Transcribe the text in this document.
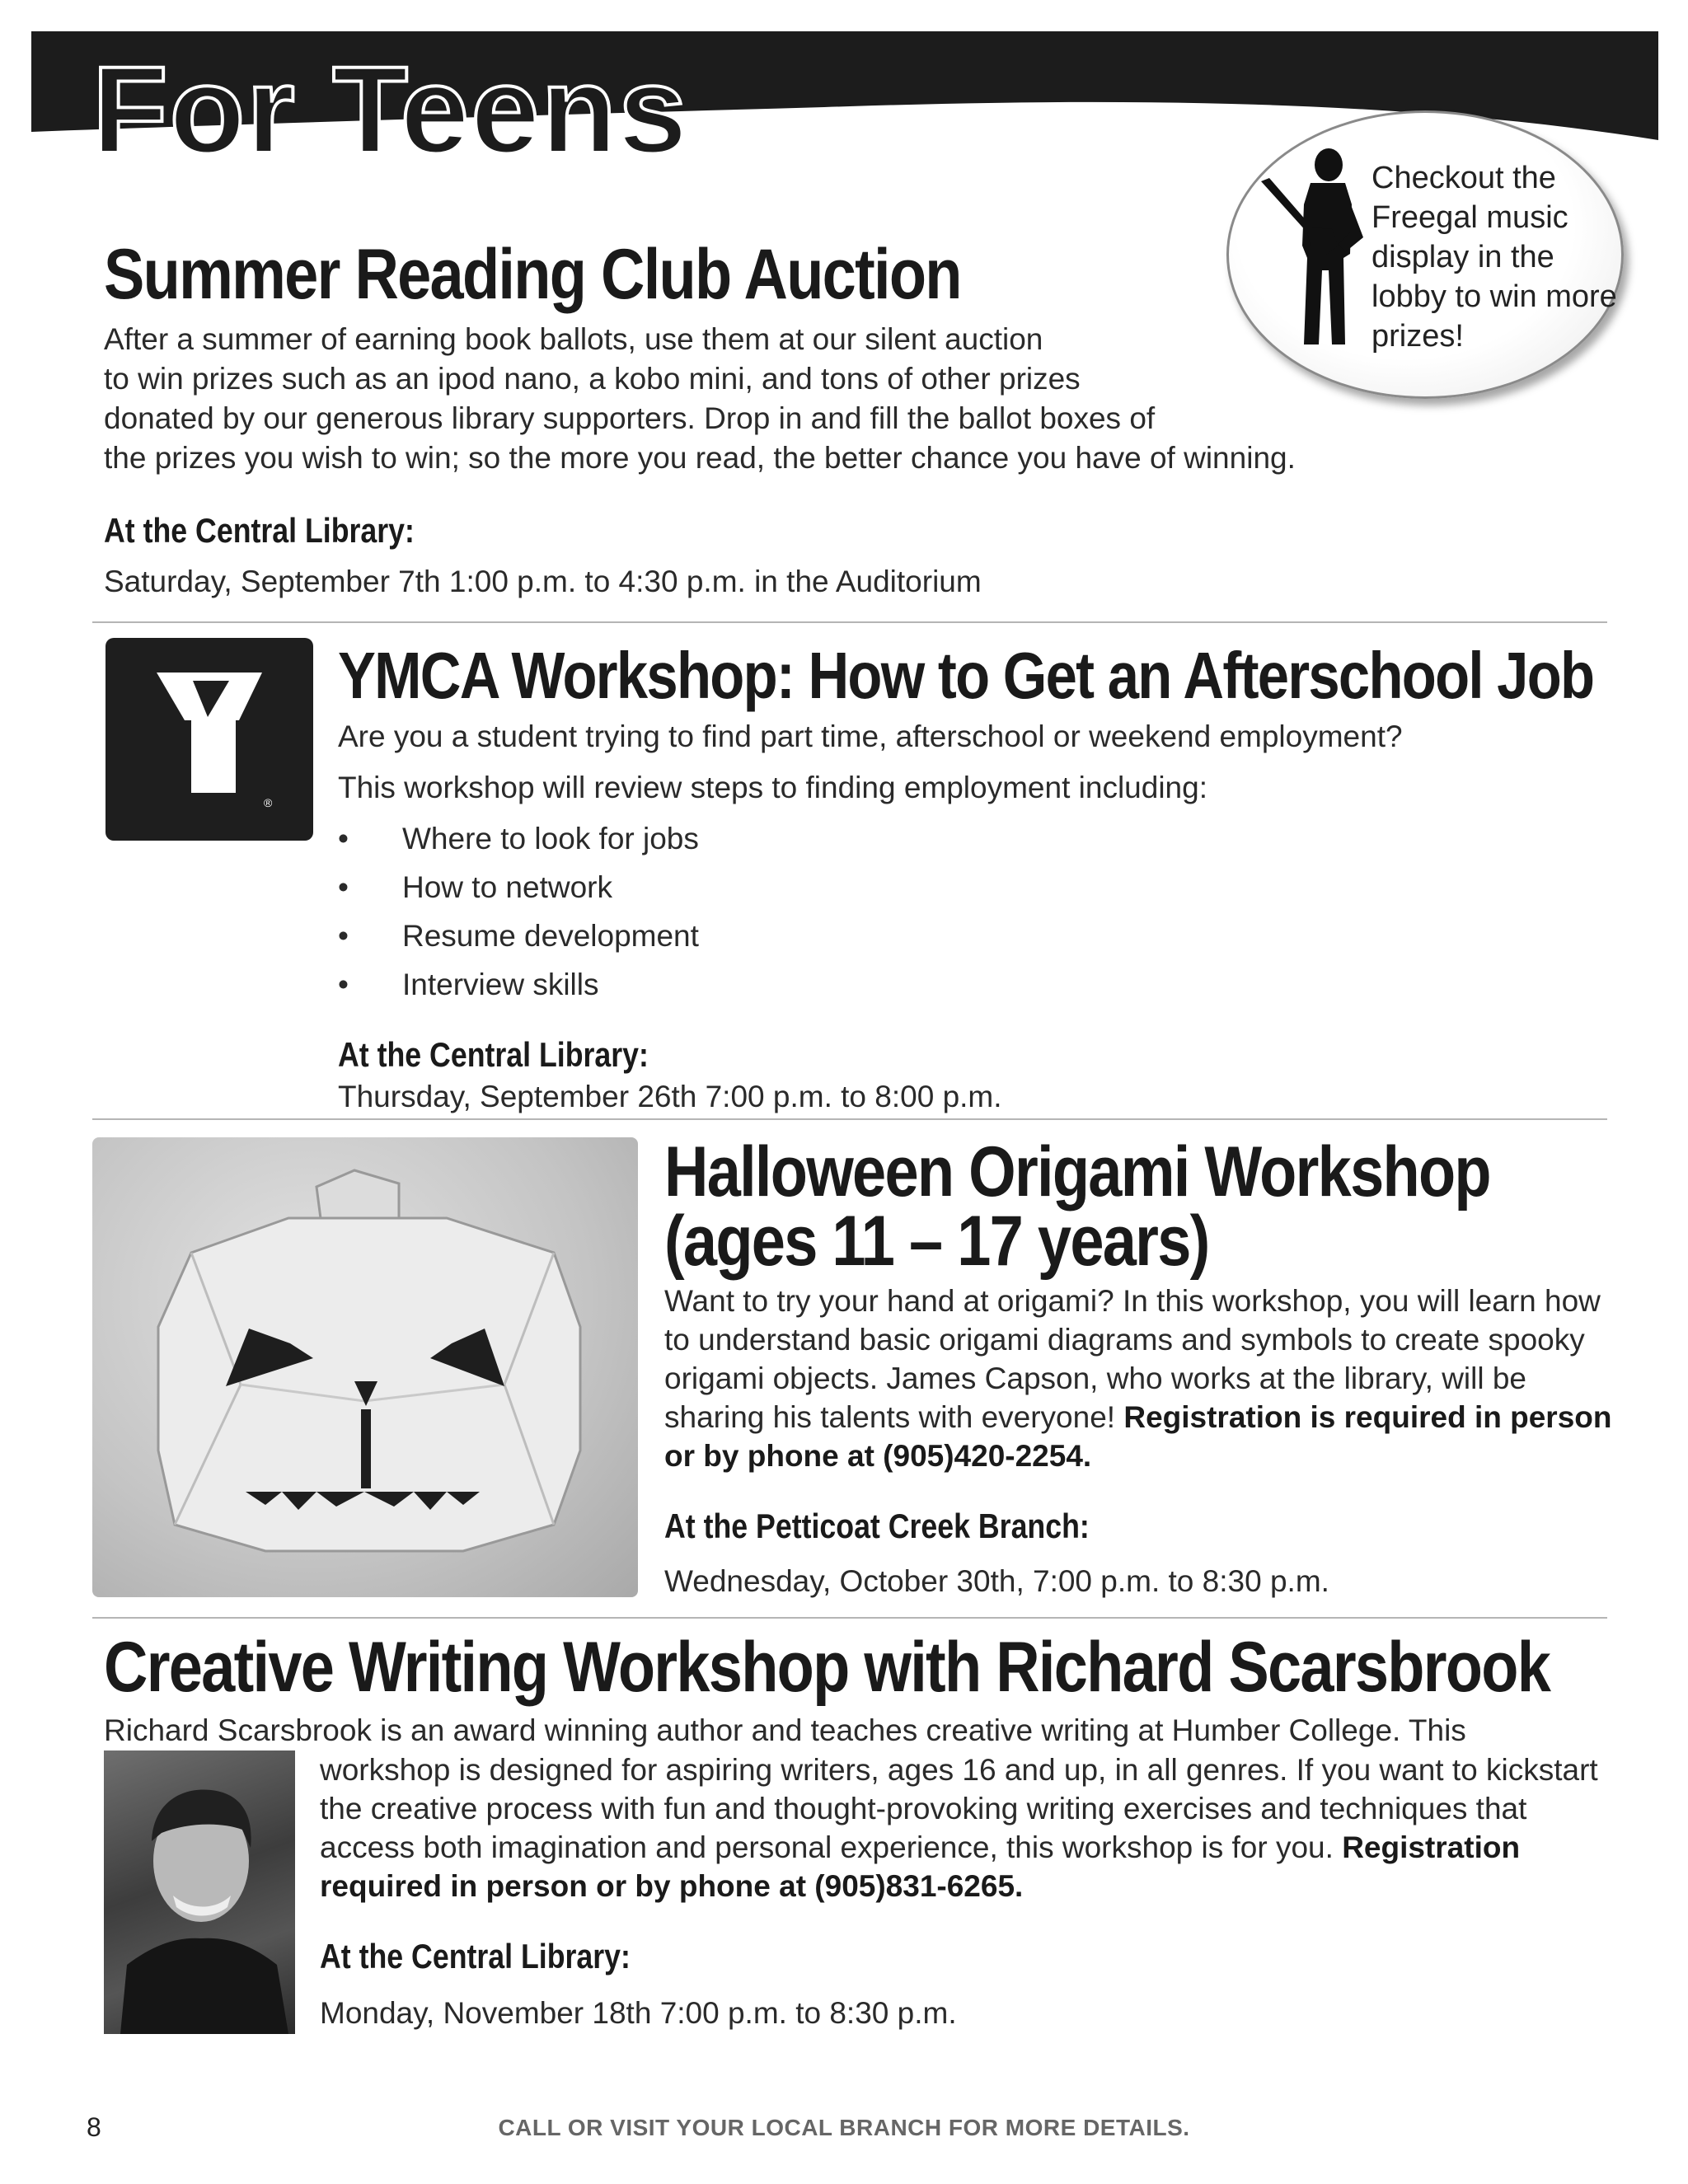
For Teens	Checkout the Freegal music display in the lobby to win more prizes!
Summer Reading Club Auction
After a summer of earning book ballots, use them at our silent auction
to win prizes such as an ipod nano, a kobo mini, and tons of other prizes
donated by our generous library supporters. Drop in and fill the ballot boxes of
the prizes you wish to win; so the more you read, the better chance you have of winning.
At the Central Library:
Saturday, September 7th 1:00 p.m. to 4:30 p.m. in the Auditorium
®
YMCA Workshop: How to Get an Afterschool Job
Are you a student trying to find part time, afterschool or weekend employment?
This workshop will review steps to finding employment including:
• Where to look for jobs
• How to network
• Resume development
• Interview skills
At the Central Library:
Thursday, September 26th 7:00 p.m. to 8:00 p.m.
Halloween Origami Workshop
(ages 11 – 17 years)
Want to try your hand at origami? In this workshop, you will learn how to understand basic origami diagrams and symbols to create spooky origami objects. James Capson, who works at the library, will be sharing his talents with everyone! Registration is required in person or by phone at (905)420-2254.
At the Petticoat Creek Branch:
Wednesday, October 30th, 7:00 p.m. to 8:30 p.m.
Creative Writing Workshop with Richard Scarsbrook
Richard Scarsbrook is an award winning author and teaches creative writing at Humber College. This
workshop is designed for aspiring writers, ages 16 and up, in all genres. If you want to kickstart the creative process with fun and thought-provoking writing exercises and techniques that access both imagination and personal experience, this workshop is for you. Registration required in person or by phone at (905)831-6265.
At the Central Library:
Monday, November 18th 7:00 p.m. to 8:30 p.m.
8	CALL OR VISIT YOUR LOCAL BRANCH FOR MORE DETAILS.
